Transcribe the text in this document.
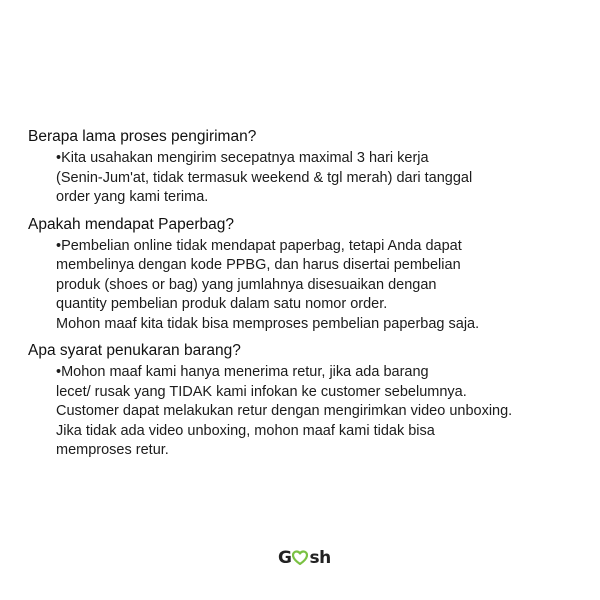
Berapa lama proses pengiriman?
•Kita usahakan mengirim secepatnya maximal 3 hari kerja
(Senin-Jum'at, tidak termasuk weekend & tgl merah) dari tanggal
order yang kami terima.
Apakah mendapat Paperbag?
•Pembelian online tidak mendapat paperbag, tetapi Anda dapat
membelinya dengan kode PPBG, dan harus disertai pembelian
produk (shoes or bag) yang jumlahnya disesuaikan dengan
quantity pembelian produk dalam satu nomor order.
Mohon maaf kita tidak bisa memproses pembelian paperbag saja.
Apa syarat penukaran barang?
•Mohon maaf kami hanya menerima retur, jika ada barang
lecet/ rusak yang TIDAK kami infokan ke customer sebelumnya.
Customer dapat melakukan retur dengan mengirimkan video unboxing.
Jika tidak ada video unboxing, mohon maaf kami tidak bisa
memproses retur.
G sh
